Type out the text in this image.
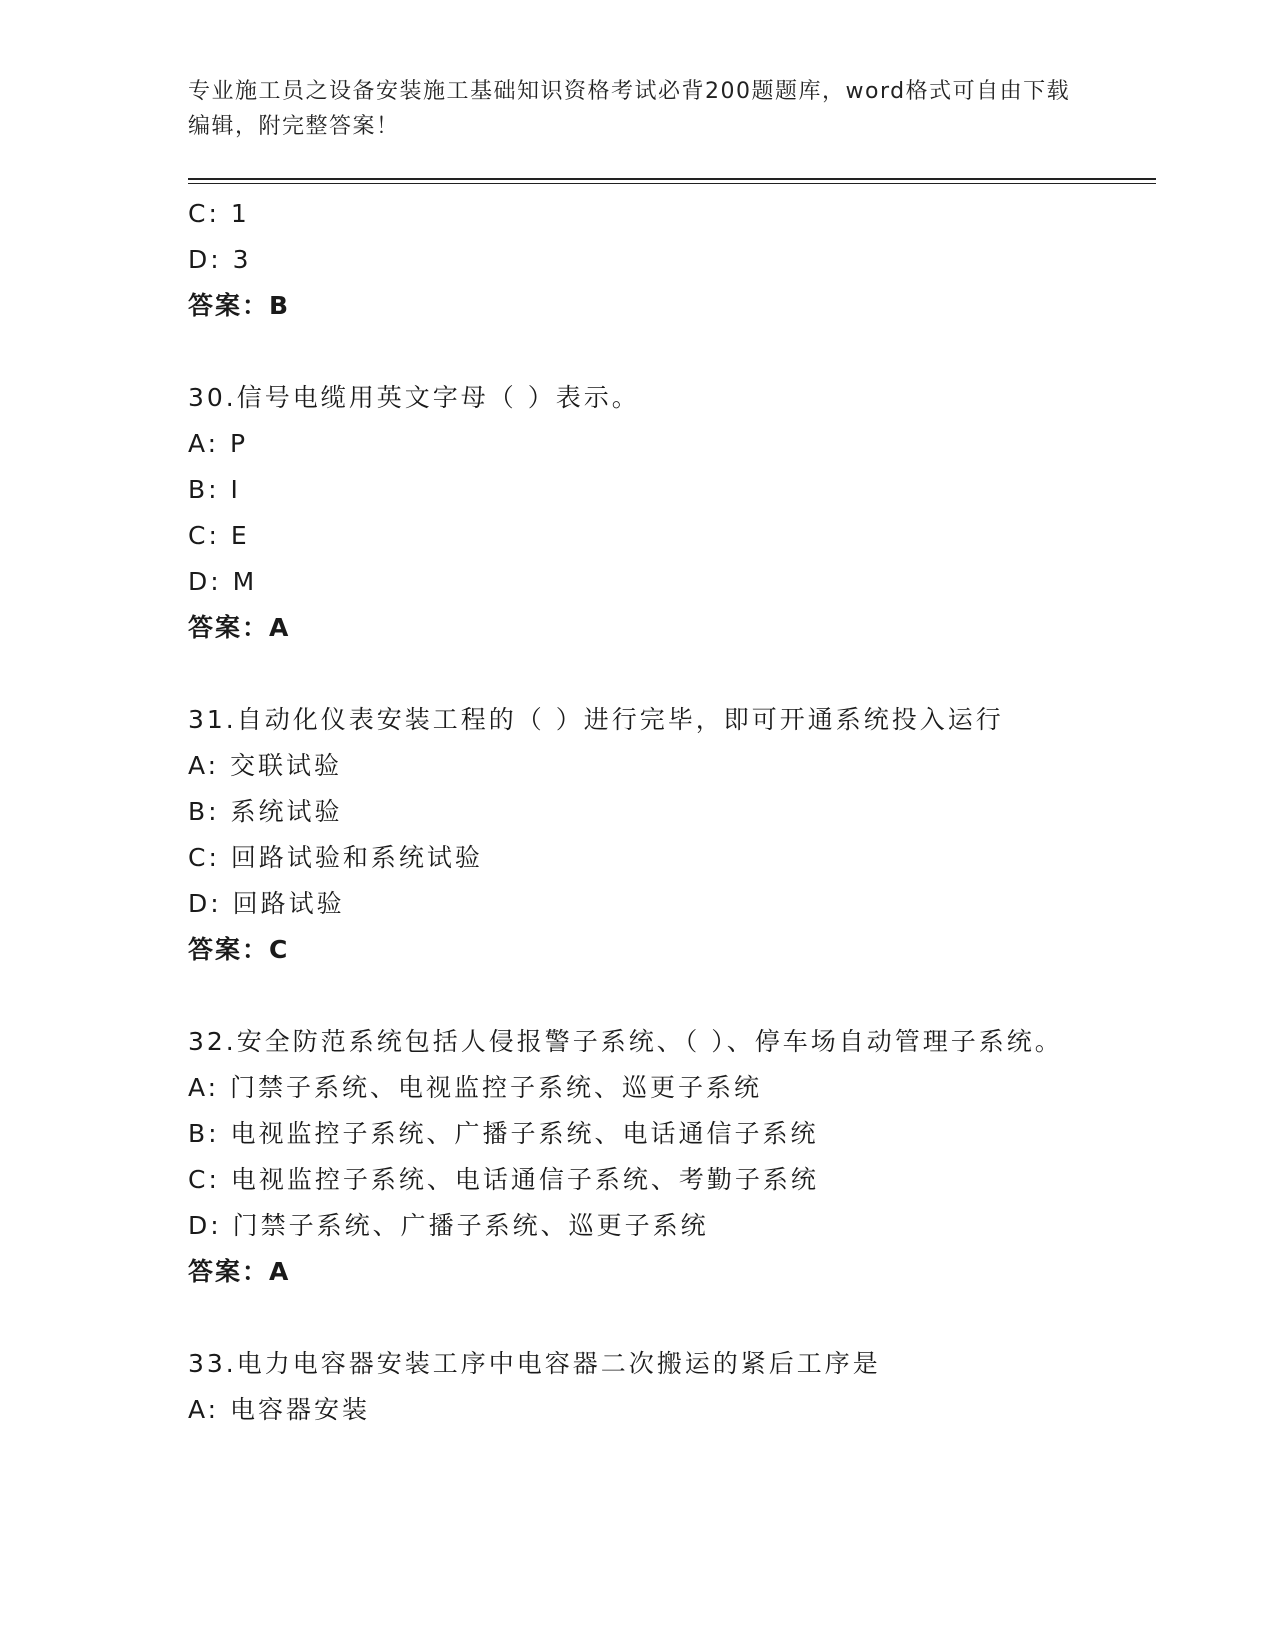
专业施工员之设备安装施工基础知识资格考试必背200题题库，word格式可自由下载编辑，附完整答案！
C: 1
D: 3
答案：B
30.信号电缆用英文字母（ ）表示。
A: P
B: I
C: E
D: M
答案：A
31.自动化仪表安装工程的（ ）进行完毕，即可开通系统投入运行
A: 交联试验
B: 系统试验
C: 回路试验和系统试验
D: 回路试验
答案：C
32.安全防范系统包括人侵报警子系统、（ ）、停车场自动管理子系统。
A: 门禁子系统、电视监控子系统、巡更子系统
B: 电视监控子系统、广播子系统、电话通信子系统
C: 电视监控子系统、电话通信子系统、考勤子系统
D: 门禁子系统、广播子系统、巡更子系统
答案：A
33.电力电容器安装工序中电容器二次搬运的紧后工序是
A: 电容器安装
